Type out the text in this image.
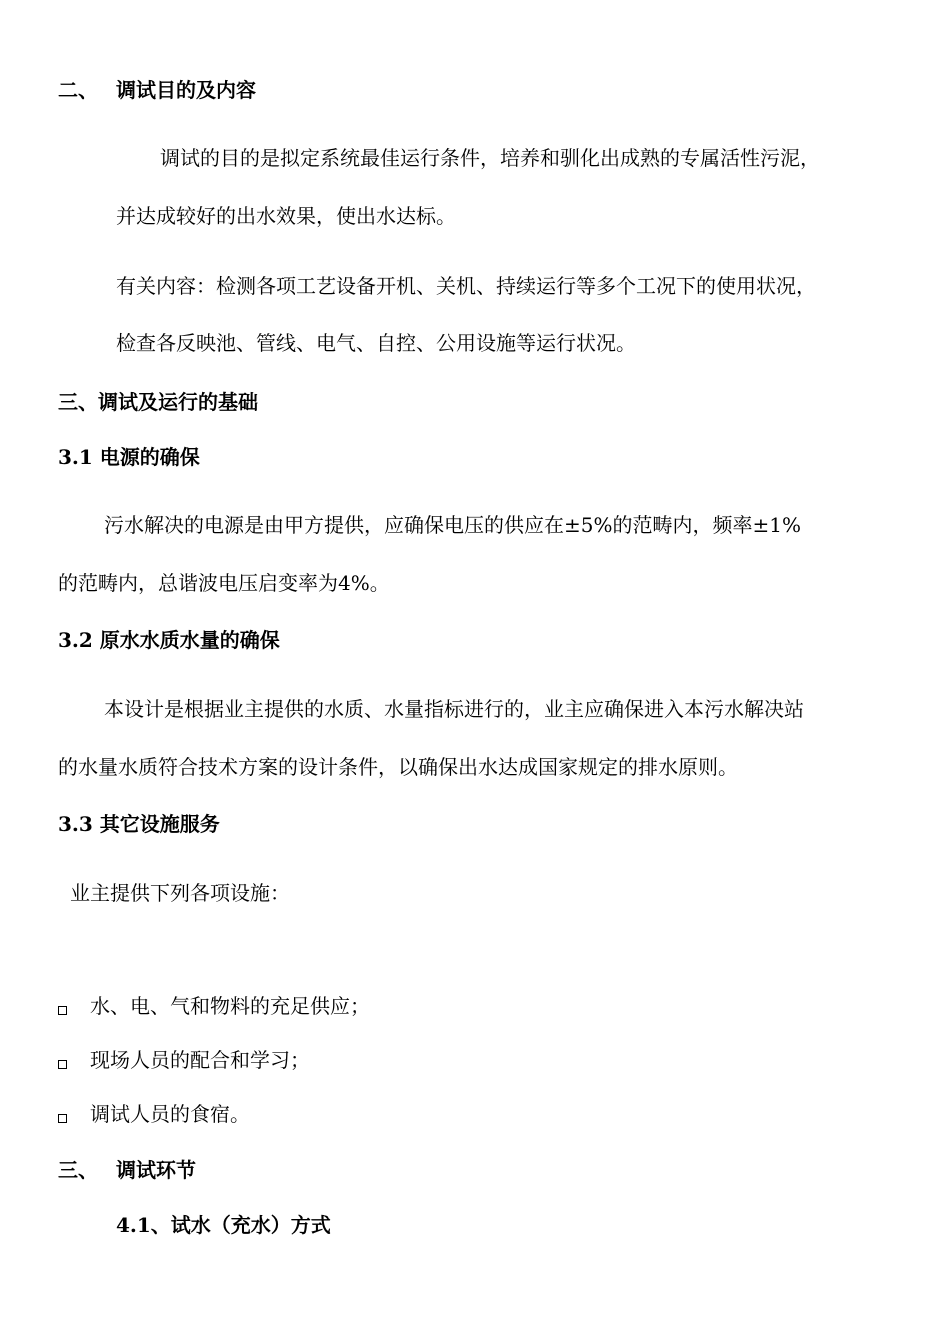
二、 调试目的及内容
调试的目的是拟定系统最佳运行条件，培养和驯化出成熟的专属活性污泥，
并达成较好的出水效果，使出水达标。
有关内容：检测各项工艺设备开机、关机、持续运行等多个工况下的使用状况，
检查各反映池、管线、电气、自控、公用设施等运行状况。
三、调试及运行的基础
3.1 电源的确保
污水解决的电源是由甲方提供，应确保电压的供应在±5%的范畴内，频率±1%
的范畴内，总谐波电压启变率为4%。
3.2 原水水质水量的确保
本设计是根据业主提供的水质、水量指标进行的，业主应确保进入本污水解决站
的水量水质符合技术方案的设计条件，以确保出水达成国家规定的排水原则。
3.3 其它设施服务
业主提供下列各项设施：
水、电、气和物料的充足供应；
现场人员的配合和学习；
调试人员的食宿。
三、 调试环节
4.1、试水（充水）方式
